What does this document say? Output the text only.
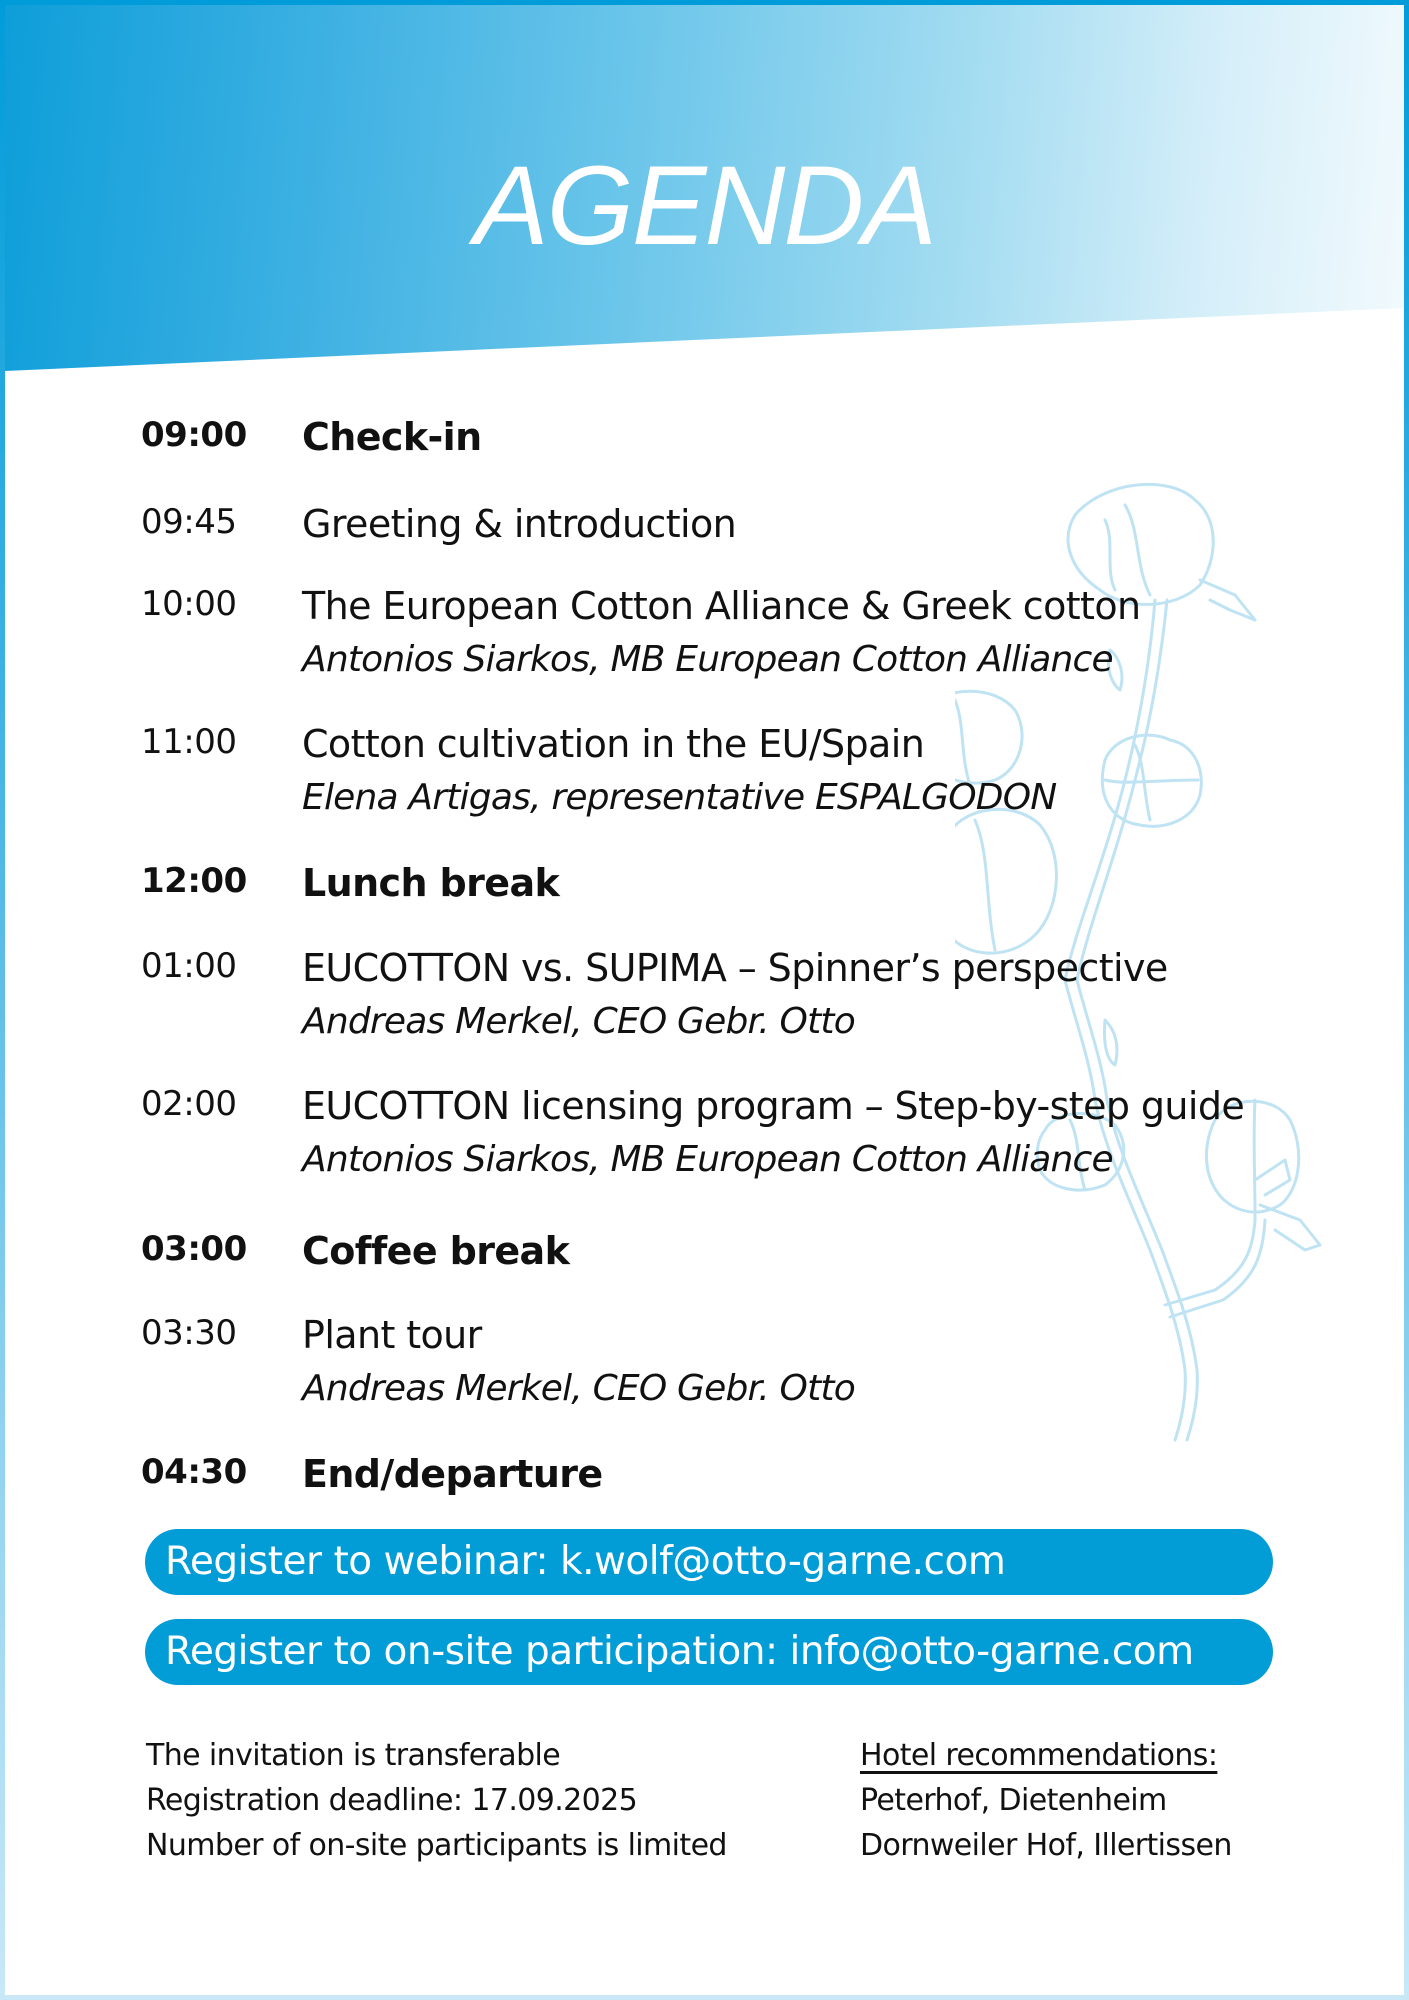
AGENDA
09:00	Check-in
09:45	Greeting & introduction
10:00	The European Cotton Alliance & Greek cotton
Antonios Siarkos, MB European Cotton Alliance
11:00	Cotton cultivation in the EU/Spain
Elena Artigas, representative ESPALGODON
12:00	Lunch break
01:00	EUCOTTON vs. SUPIMA – Spinner’s perspective
Andreas Merkel, CEO Gebr. Otto
02:00	EUCOTTON licensing program – Step-by-step guide
Antonios Siarkos, MB European Cotton Alliance
03:00	Coffee break
03:30	Plant tour
Andreas Merkel, CEO Gebr. Otto
04:30	End/departure
Register to webinar: k.wolf@otto-garne.com
Register to on-site participation: info@otto-garne.com
The invitation is transferable
Registration deadline: 17.09.2025
Number of on-site participants is limited
Hotel recommendations:
Peterhof, Dietenheim
Dornweiler Hof, Illertissen
